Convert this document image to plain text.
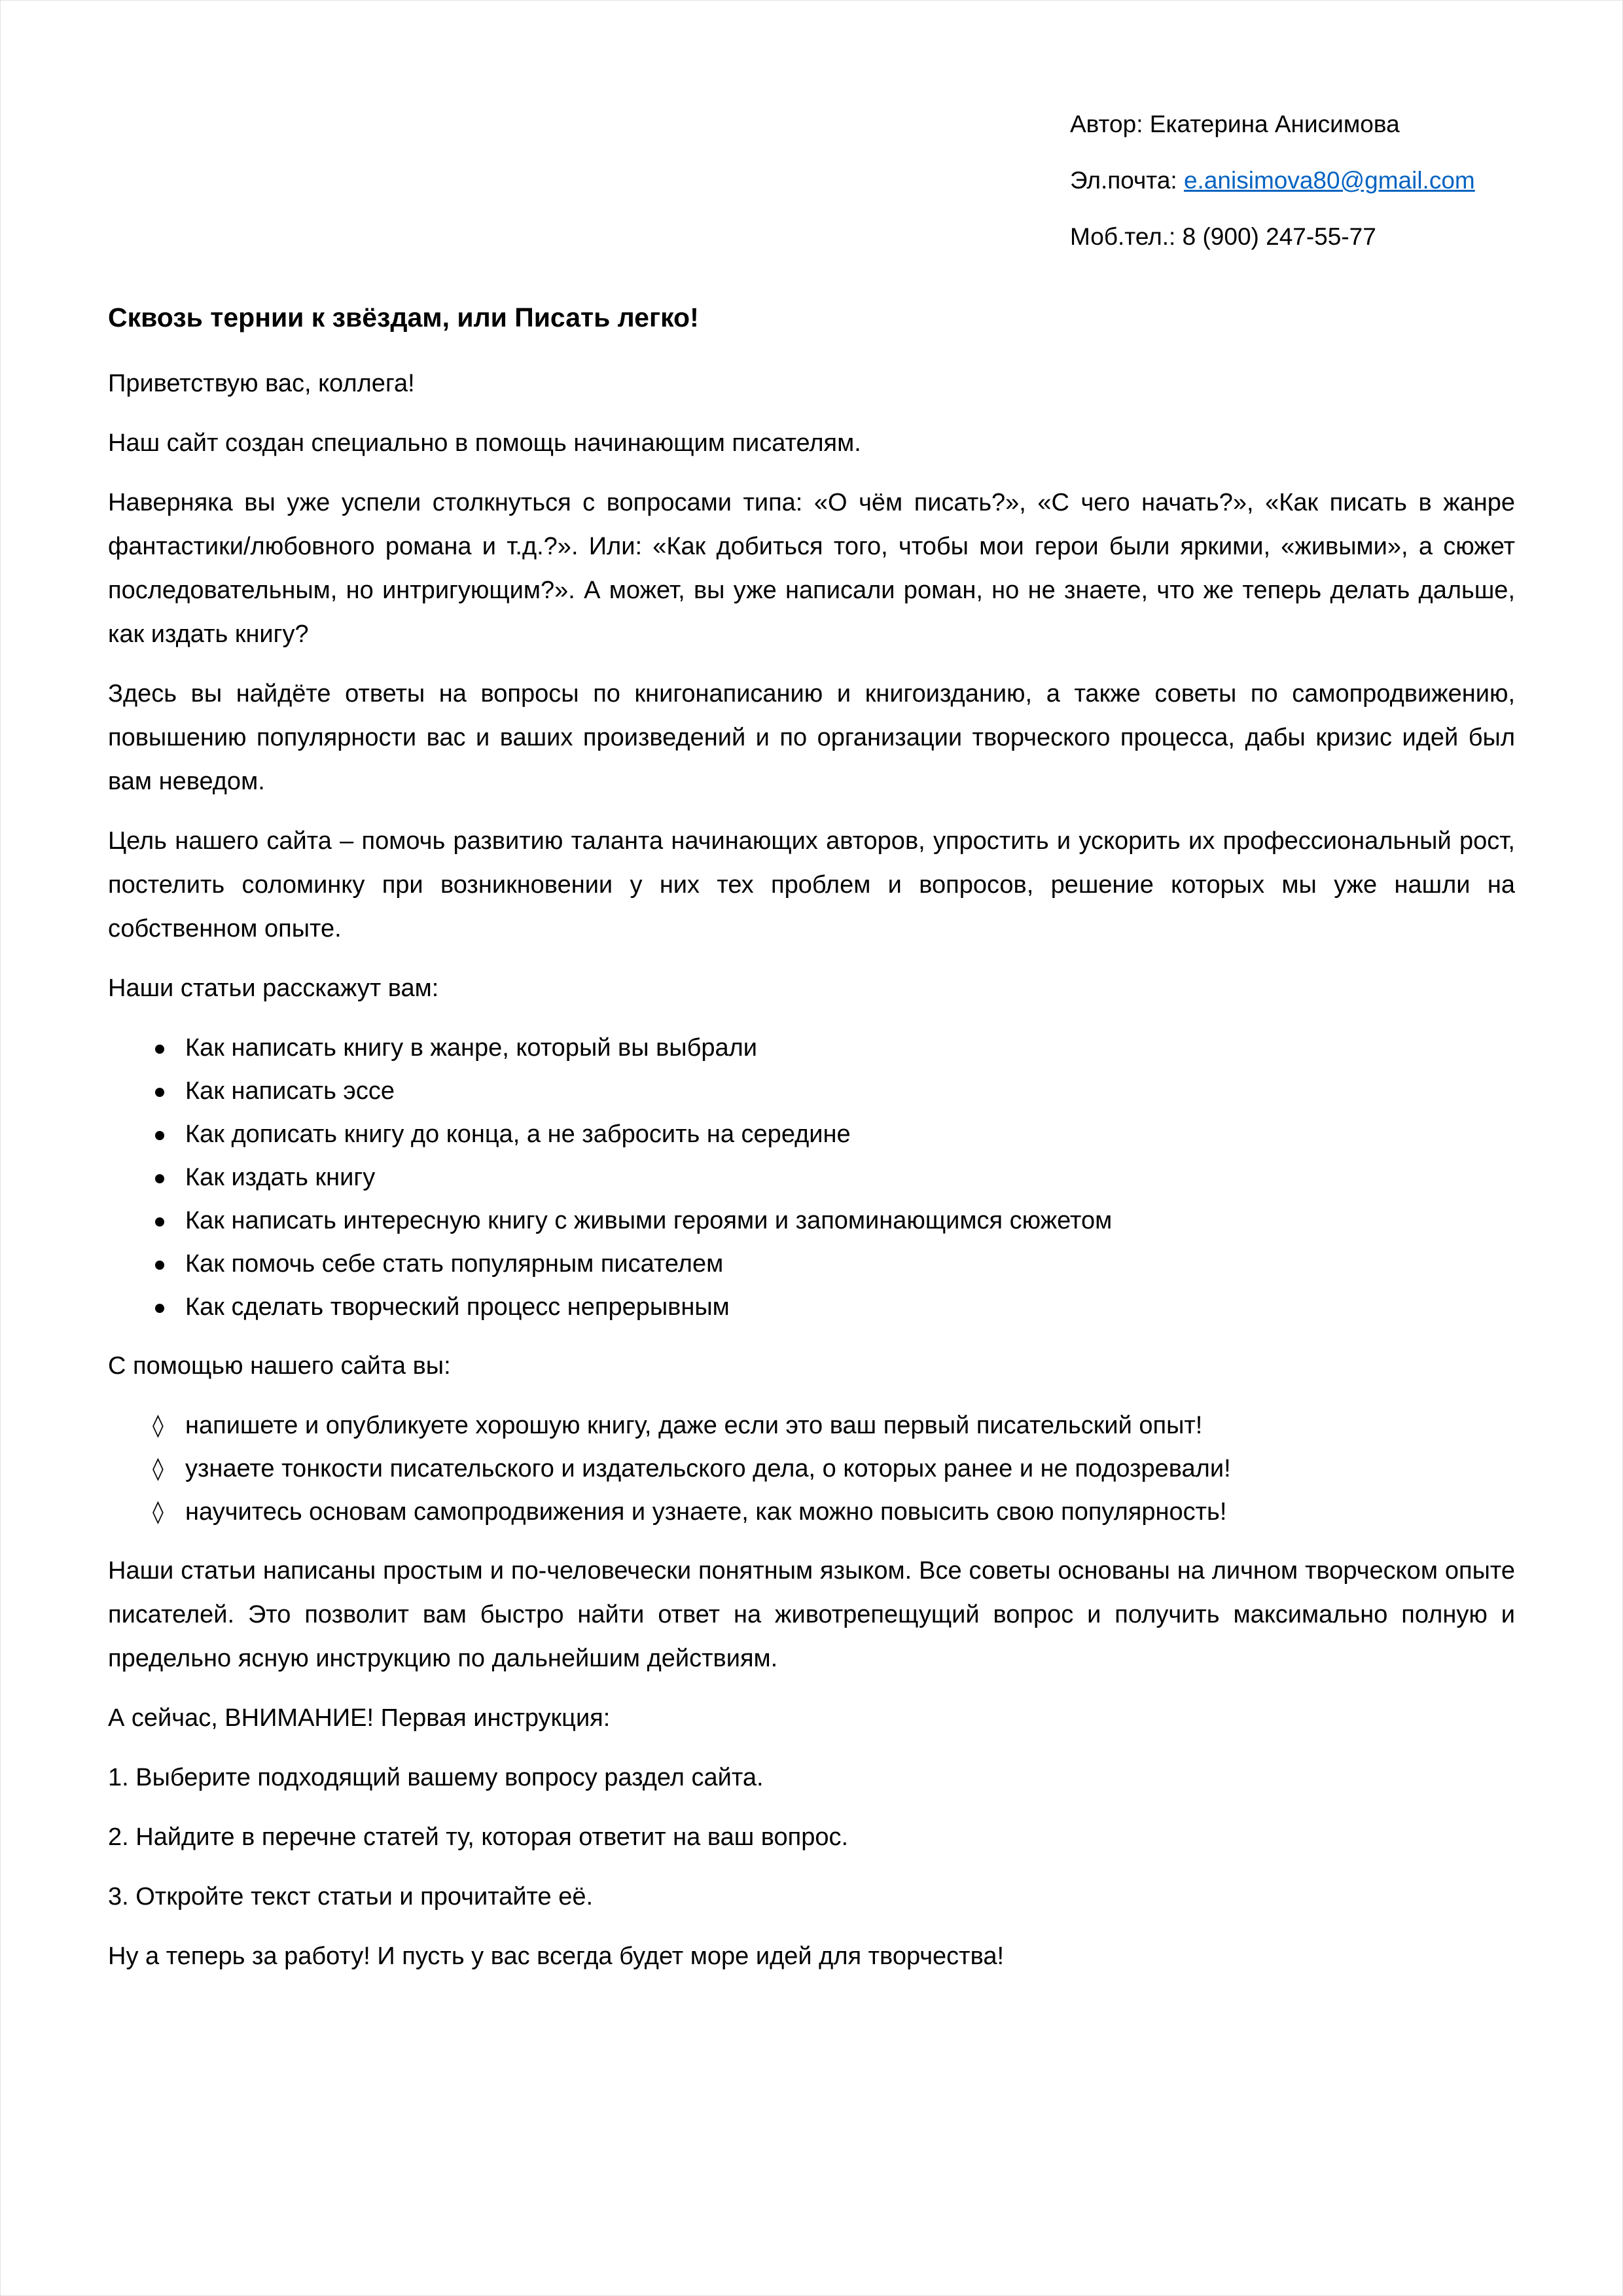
Автор: Екатерина Анисимова
Эл.почта: e.anisimova80@gmail.com
Моб.тел.: 8 (900) 247-55-77
Сквозь тернии к звёздам, или Писать легко!

Приветствую вас, коллега!

Наш сайт создан специально в помощь начинающим писателям.

Наверняка вы уже успели столкнуться с вопросами типа: «О чём писать?», «С чего начать?», «Как писать в жанре фантастики/любовного романа и т.д.?». Или: «Как добиться того, чтобы мои герои были яркими, «живыми», а сюжет последовательным, но интригующим?». А может, вы уже написали роман, но не знаете, что же теперь делать дальше, как издать книгу?

Здесь вы найдёте ответы на вопросы по книгонаписанию и книгоизданию, а также советы по самопродвижению, повышению популярности вас и ваших произведений и по организации творческого процесса, дабы кризис идей был вам неведом.

Цель нашего сайта – помочь развитию таланта начинающих авторов, упростить и ускорить их профессиональный рост, постелить соломинку при возникновении у них тех проблем и вопросов, решение которых мы уже нашли на собственном опыте.

Наши статьи расскажут вам:

Как написать книгу в жанре, который вы выбрали
Как написать эссе
Как дописать книгу до конца, а не забросить на середине
Как издать книгу
Как написать интересную книгу с живыми героями и запоминающимся сюжетом
Как помочь себе стать популярным писателем
Как сделать творческий процесс непрерывным

С помощью нашего сайта вы:

◊ напишете и опубликуете хорошую книгу, даже если это ваш первый писательский опыт!
◊ узнаете тонкости писательского и издательского дела, о которых ранее и не подозревали!
◊ научитесь основам самопродвижения и узнаете, как можно повысить свою популярность!

Наши статьи написаны простым и по-человечески понятным языком. Все советы основаны на личном творческом опыте писателей. Это позволит вам быстро найти ответ на животрепещущий вопрос и получить максимально полную и предельно ясную инструкцию по дальнейшим действиям.

А сейчас, ВНИМАНИЕ! Первая инструкция:

1. Выберите подходящий вашему вопросу раздел сайта.

2. Найдите в перечне статей ту, которая ответит на ваш вопрос.

3. Откройте текст статьи и прочитайте её.

Ну а теперь за работу! И пусть у вас всегда будет море идей для творчества!
